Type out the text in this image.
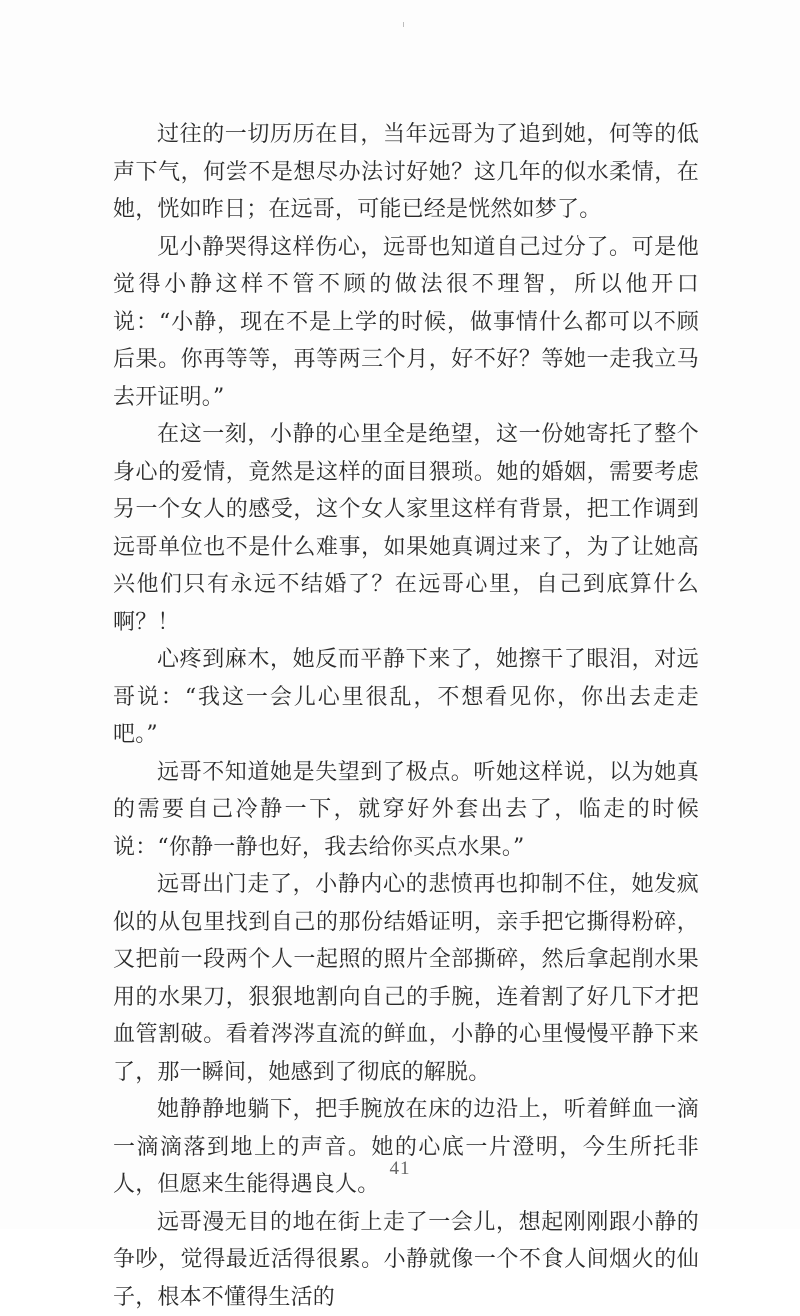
过往的一切历历在目，当年远哥为了追到她，何等的低声下气，何尝不是想尽办法讨好她？这几年的似水柔情，在她，恍如昨日；在远哥，可能已经是恍然如梦了。

见小静哭得这样伤心，远哥也知道自己过分了。可是他觉得小静这样不管不顾的做法很不理智，所以他开口说：“小静，现在不是上学的时候，做事情什么都可以不顾后果。你再等等，再等两三个月，好不好？等她一走我立马去开证明。”

在这一刻，小静的心里全是绝望，这一份她寄托了整个身心的爱情，竟然是这样的面目猥琐。她的婚姻，需要考虑另一个女人的感受，这个女人家里这样有背景，把工作调到远哥单位也不是什么难事，如果她真调过来了，为了让她高兴他们只有永远不结婚了？在远哥心里，自己到底算什么啊？！

心疼到麻木，她反而平静下来了，她擦干了眼泪，对远哥说：“我这一会儿心里很乱，不想看见你，你出去走走吧。”

远哥不知道她是失望到了极点。听她这样说，以为她真的需要自己冷静一下，就穿好外套出去了，临走的时候说：“你静一静也好，我去给你买点水果。”

远哥出门走了，小静内心的悲愤再也抑制不住，她发疯似的从包里找到自己的那份结婚证明，亲手把它撕得粉碎，又把前一段两个人一起照的照片全部撕碎，然后拿起削水果用的水果刀，狠狠地割向自己的手腕，连着割了好几下才把血管割破。看着涔涔直流的鲜血，小静的心里慢慢平静下来了，那一瞬间，她感到了彻底的解脱。

她静静地躺下，把手腕放在床的边沿上，听着鲜血一滴一滴滴落到地上的声音。她的心底一片澄明，今生所托非人，但愿来生能得遇良人。

远哥漫无目的地在街上走了一会儿，想起刚刚跟小静的争吵，觉得最近活得很累。小静就像一个不食人间烟火的仙子，根本不懂得生活的

41
